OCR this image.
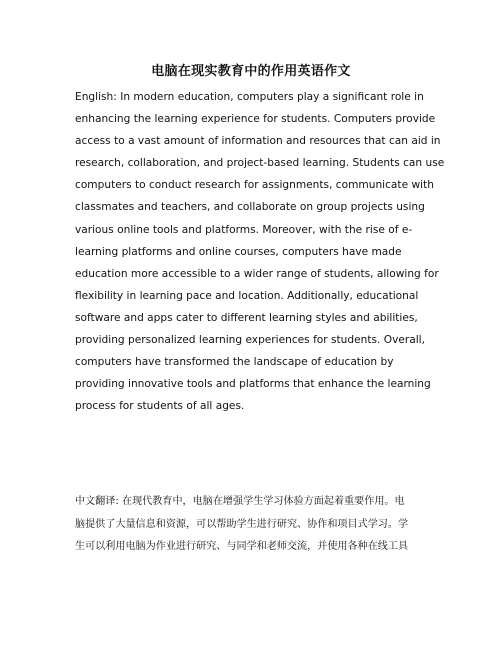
电脑在现实教育中的作用英语作文

English: In modern education, computers play a significant role in
enhancing the learning experience for students. Computers provide
access to a vast amount of information and resources that can aid in
research, collaboration, and project-based learning. Students can use
computers to conduct research for assignments, communicate with
classmates and teachers, and collaborate on group projects using
various online tools and platforms. Moreover, with the rise of e-
learning platforms and online courses, computers have made
education more accessible to a wider range of students, allowing for
flexibility in learning pace and location. Additionally, educational
software and apps cater to different learning styles and abilities,
providing personalized learning experiences for students. Overall,
computers have transformed the landscape of education by
providing innovative tools and platforms that enhance the learning
process for students of all ages.

中文翻译: 在现代教育中，电脑在增强学生学习体验方面起着重要作用。电
脑提供了大量信息和资源，可以帮助学生进行研究、协作和项目式学习。学
生可以利用电脑为作业进行研究、与同学和老师交流，并使用各种在线工具
